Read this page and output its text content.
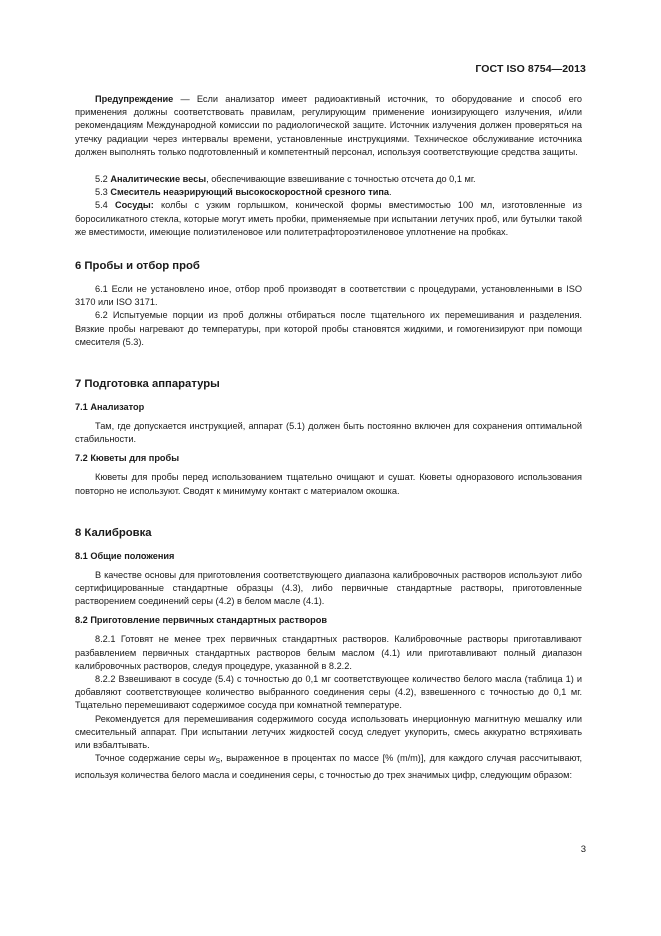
ГОСТ ISO 8754—2013

Предупреждение — Если анализатор имеет радиоактивный источник, то оборудование и способ его применения должны соответствовать правилам, регулирующим применение ионизирующего излучения, и/или рекомендациям Международной комиссии по радиологической защите. Источник излучения должен проверяться на утечку радиации через интервалы времени, установленные инструкциями. Техническое обслуживание источника должен выполнять только подготовленный и компетентный персонал, используя соответствующие средства защиты.

5.2 Аналитические весы, обеспечивающие взвешивание с точностью отсчета до 0,1 мг.

5.3 Смеситель неаэрирующий высокоскоростной срезного типа.

5.4 Сосуды: колбы с узким горлышком, конической формы вместимостью 100 мл, изготовленные из боросиликатного стекла, которые могут иметь пробки, применяемые при испытании летучих проб, или бутылки такой же вместимости, имеющие полиэтиленовое или политетрафтороэтиленовое уплотнение на пробках.

6 Пробы и отбор проб

6.1 Если не установлено иное, отбор проб производят в соответствии с процедурами, установленными в ISO 3170 или ISO 3171.

6.2 Испытуемые порции из проб должны отбираться после тщательного их перемешивания и разделения. Вязкие пробы нагревают до температуры, при которой пробы становятся жидкими, и гомогенизируют при помощи смесителя (5.3).

7 Подготовка аппаратуры
7.1 Анализатор

Там, где допускается инструкцией, аппарат (5.1) должен быть постоянно включен для сохранения оптимальной стабильности.

7.2 Кюветы для пробы

Кюветы для пробы перед использованием тщательно очищают и сушат. Кюветы одноразового использования повторно не используют. Сводят к минимуму контакт с материалом окошка.

8 Калибровка
8.1 Общие положения

В качестве основы для приготовления соответствующего диапазона калибровочных растворов используют либо сертифицированные стандартные образцы (4.3), либо первичные стандартные растворы, приготовленные растворением соединений серы (4.2) в белом масле (4.1).

8.2 Приготовление первичных стандартных растворов

8.2.1 Готовят не менее трех первичных стандартных растворов. Калибровочные растворы приготавливают разбавлением первичных стандартных растворов белым маслом (4.1) или приготавливают полный диапазон калибровочных растворов, следуя процедуре, указанной в 8.2.2.

8.2.2 Взвешивают в сосуде (5.4) с точностью до 0,1 мг соответствующее количество белого масла (таблица 1) и добавляют соответствующее количество выбранного соединения серы (4.2), взвешенного с точностью до 0,1 мг. Тщательно перемешивают содержимое сосуда при комнатной температуре.

Рекомендуется для перемешивания содержимого сосуда использовать инерционную магнитную мешалку или смесительный аппарат. При испытании летучих жидкостей сосуд следует укупорить, смесь аккуратно встряхивать или взбалтывать.

Точное содержание серы $w_S$, выраженное в процентах по массе [% (m/m)], для каждого случая рассчитывают, используя количества белого масла и соединения серы, с точностью до трех значимых цифр, следующим образом:

3
